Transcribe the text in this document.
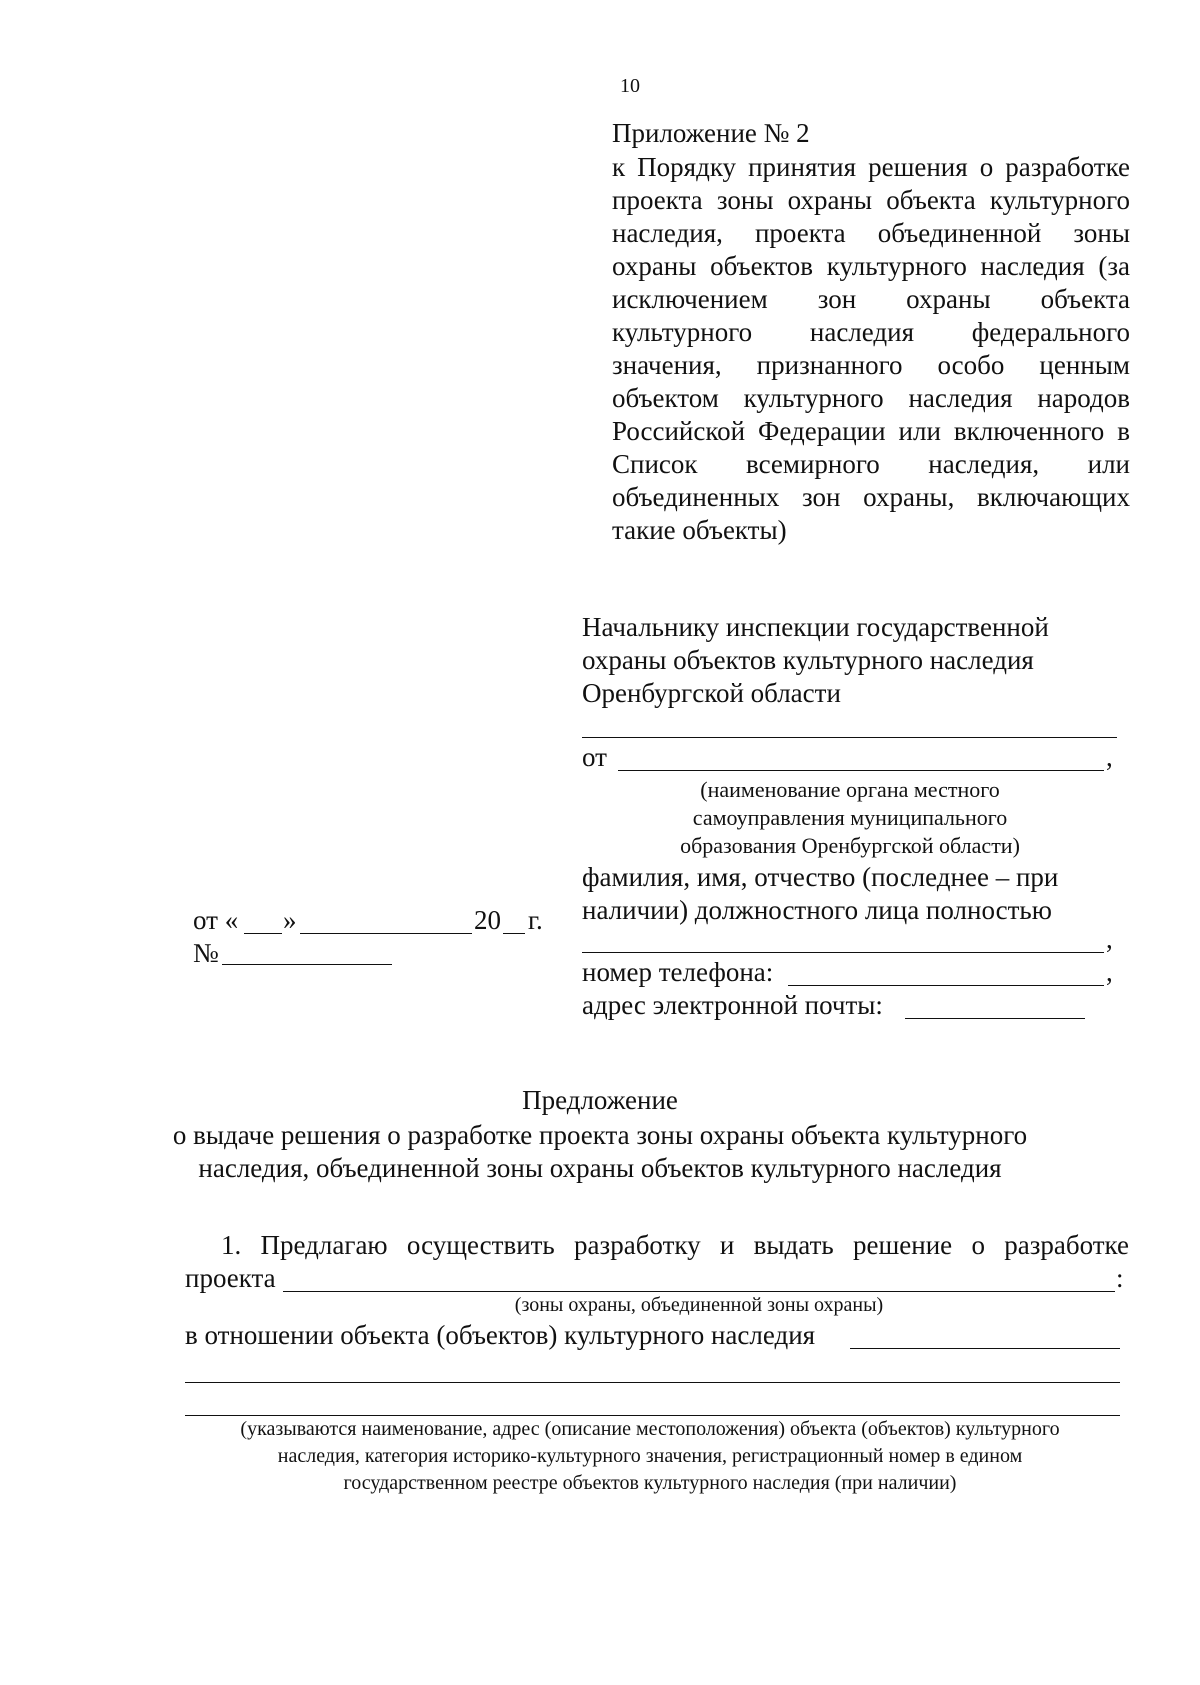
10
Приложение № 2
к Порядку принятия решения о разработке
проекта зоны охраны объекта культурного
наследия, проекта объединенной зоны
охраны объектов культурного наследия (за
исключением зон охраны объекта
культурного наследия федерального
значения, признанного особо ценным
объектом культурного наследия народов
Российской Федерации или включенного в
Список всемирного наследия, или
объединенных зон охраны, включающих
такие объекты)
Начальнику инспекции государственной
охраны объектов культурного наследия
Оренбургской области
от	,
(наименование органа местного
самоуправления муниципального
образования Оренбургской области)
фамилия, имя, отчество (последнее – при
наличии) должностного лица полностью
,
номер телефона:	,
адрес электронной почты:
от « »	20 г.
№
Предложение
о выдаче решения о разработке проекта зоны охраны объекта культурного
наследия, объединенной зоны охраны объектов культурного наследия
1. Предлагаю осуществить разработку и выдать решение о разработке
проекта	:
(зоны охраны, объединенной зоны охраны)
в отношении объекта (объектов) культурного наследия
(указываются наименование, адрес (описание местоположения) объекта (объектов) культурного
наследия, категория историко-культурного значения, регистрационный номер в едином
государственном реестре объектов культурного наследия (при наличии)
